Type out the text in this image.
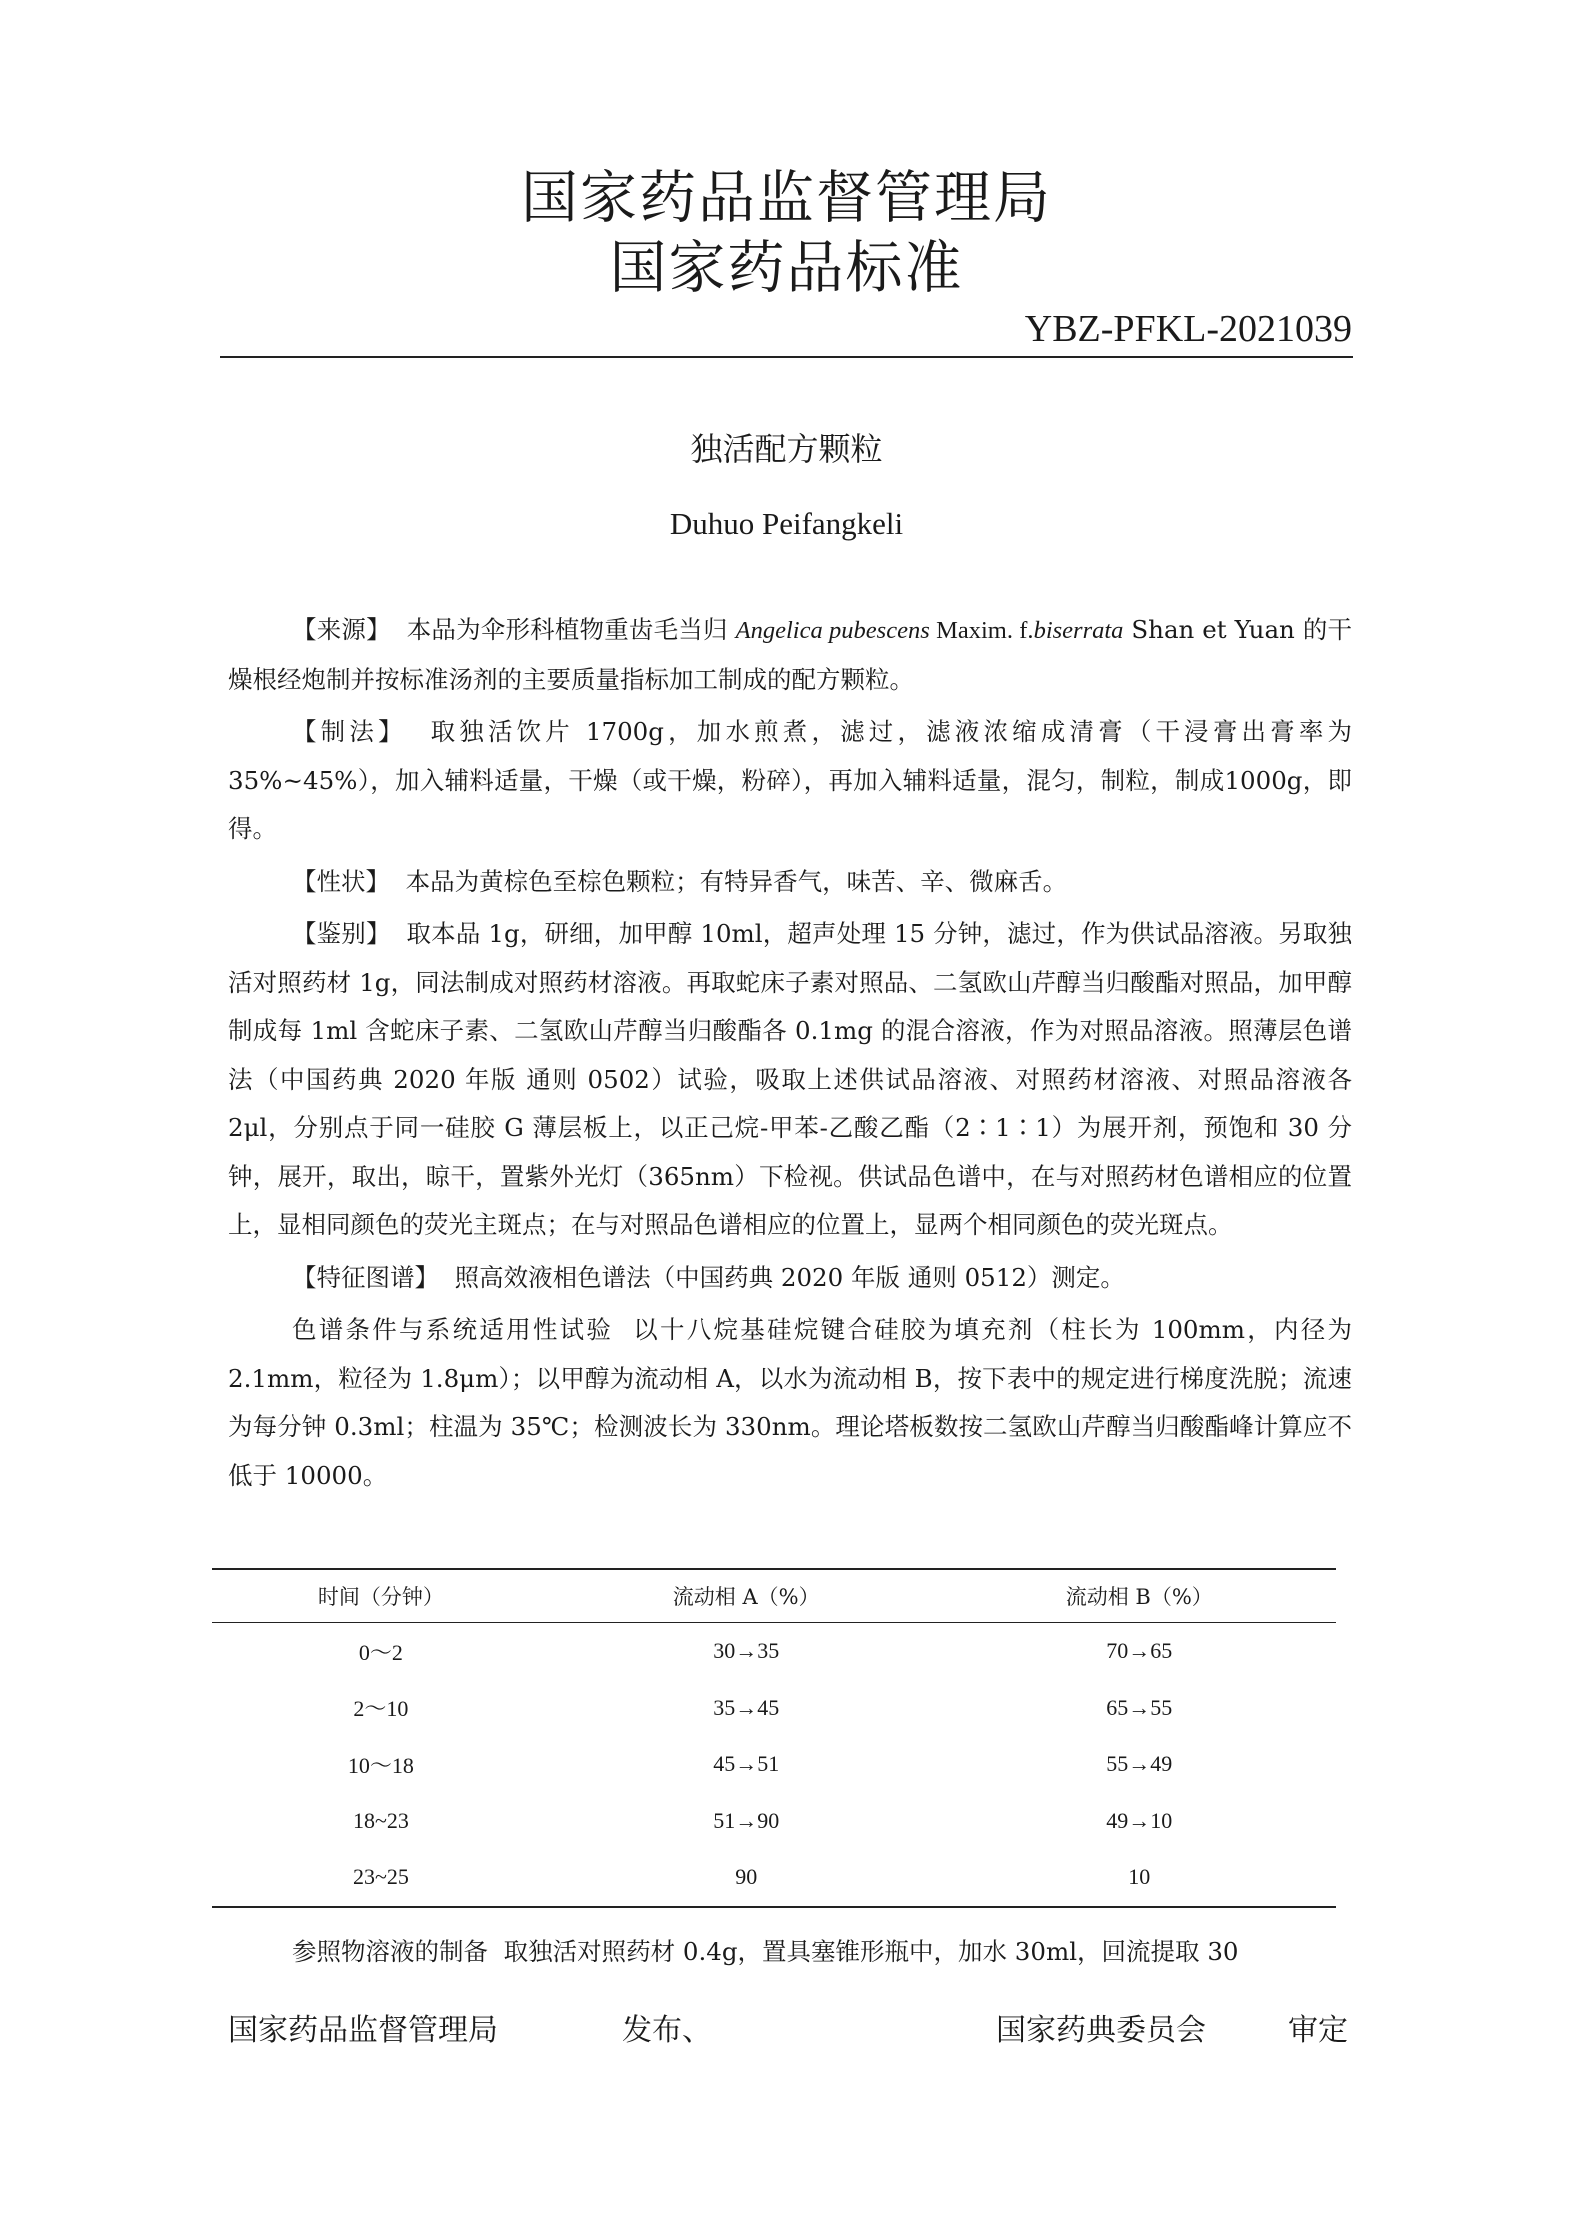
国家药品监督管理局
国家药品标准
YBZ-PFKL-2021039
独活配方颗粒
Duhuo Peifangkeli

【来源】 本品为伞形科植物重齿毛当归 Angelica pubescens Maxim. f.biserrata Shan et Yuan 的干燥根经炮制并按标准汤剂的主要质量指标加工制成的配方颗粒。

【制法】 取独活饮片 1700g，加水煎煮，滤过，滤液浓缩成清膏（干浸膏出膏率为35%~45%），加入辅料适量，干燥（或干燥，粉碎），再加入辅料适量，混匀，制粒，制成1000g，即得。

【性状】 本品为黄棕色至棕色颗粒；有特异香气，味苦、辛、微麻舌。

【鉴别】 取本品 1g，研细，加甲醇 10ml，超声处理 15 分钟，滤过，作为供试品溶液。另取独活对照药材 1g，同法制成对照药材溶液。再取蛇床子素对照品、二氢欧山芹醇当归酸酯对照品，加甲醇制成每 1ml 含蛇床子素、二氢欧山芹醇当归酸酯各 0.1mg 的混合溶液，作为对照品溶液。照薄层色谱法（中国药典 2020 年版 通则 0502）试验，吸取上述供试品溶液、对照药材溶液、对照品溶液各 2μl，分别点于同一硅胶 G 薄层板上，以正己烷-甲苯-乙酸乙酯（2∶1∶1）为展开剂，预饱和 30 分钟，展开，取出，晾干，置紫外光灯（365nm）下检视。供试品色谱中，在与对照药材色谱相应的位置上，显相同颜色的荧光主斑点；在与对照品色谱相应的位置上，显两个相同颜色的荧光斑点。

【特征图谱】 照高效液相色谱法（中国药典 2020 年版 通则 0512）测定。

色谱条件与系统适用性试验 以十八烷基硅烷键合硅胶为填充剂（柱长为 100mm，内径为 2.1mm，粒径为 1.8μm）；以甲醇为流动相 A，以水为流动相 B，按下表中的规定进行梯度洗脱；流速为每分钟 0.3ml；柱温为 35℃；检测波长为 330nm。理论塔板数按二氢欧山芹醇当归酸酯峰计算应不低于 10000。

时间（分钟）	流动相 A（%）	流动相 B（%）
0～2	30→35	70→65
2～10	35→45	65→55
10～18	45→51	55→49
18~23	51→90	49→10
23~25	90	10
参照物溶液的制备 取独活对照药材 0.4g，置具塞锥形瓶中，加水 30ml，回流提取 30
国家药品监督管理局	发布、	国家药典委员会	审定
